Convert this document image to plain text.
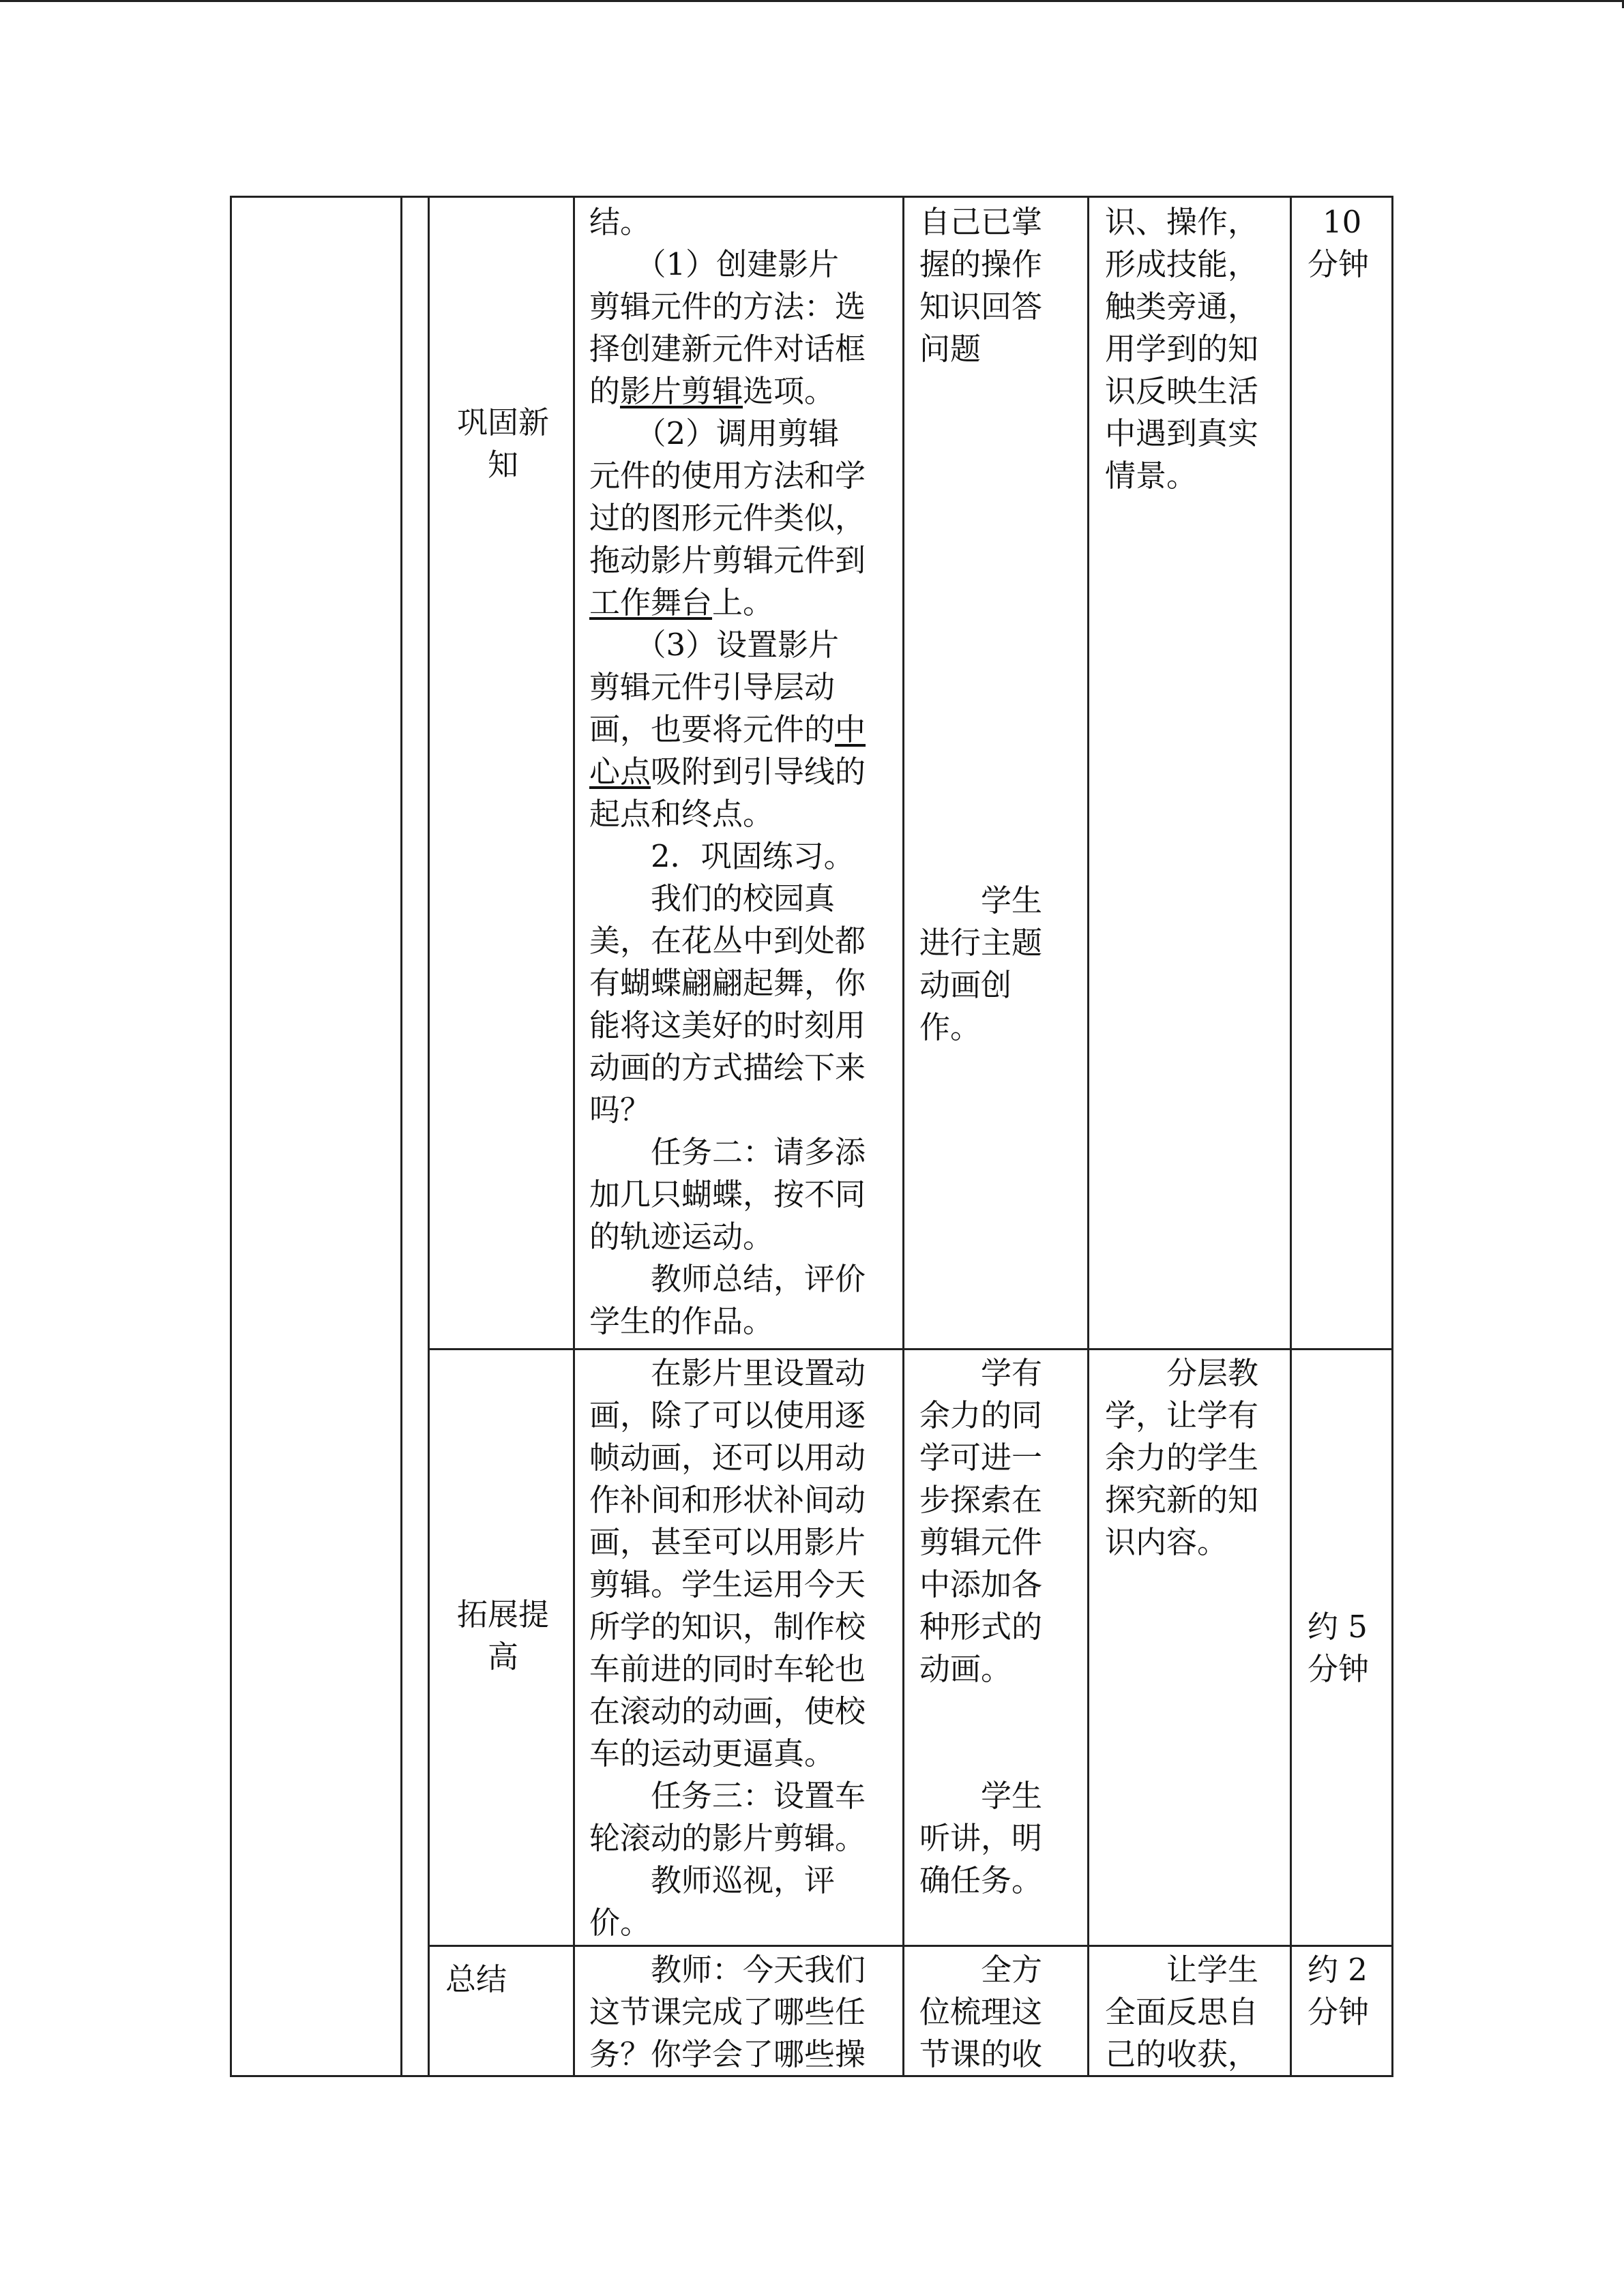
巩固新
知
结。
　　（1）创建影片
剪辑元件的方法：选
择创建新元件对话框
的影片剪辑选项。
　　（2）调用剪辑
元件的使用方法和学
过的图形元件类似，
拖动影片剪辑元件到
工作舞台上。
　　（3）设置影片
剪辑元件引导层动
画，也要将元件的中
心点吸附到引导线的
起点和终点。
　　2．巩固练习。
　　我们的校园真
美，在花丛中到处都
有蝴蝶翩翩起舞，你
能将这美好的时刻用
动画的方式描绘下来
吗？
　　任务二：请多添
加几只蝴蝶，按不同
的轨迹运动。
　　教师总结，评价
学生的作品。
自己已掌
握的操作
知识回答
问题
　　学生
进行主题
动画创
作。
识、操作，
形成技能，
触类旁通，
用学到的知
识反映生活
中遇到真实
情景。
10
分钟
拓展提
高
　　在影片里设置动
画，除了可以使用逐
帧动画，还可以用动
作补间和形状补间动
画，甚至可以用影片
剪辑。学生运用今天
所学的知识，制作校
车前进的同时车轮也
在滚动的动画，使校
车的运动更逼真。
　　任务三：设置车
轮滚动的影片剪辑。
　　教师巡视，评
价。
　　学有
余力的同
学可进一
步探索在
剪辑元件
中添加各
种形式的
动画。
　　学生
听讲，明
确任务。
　　分层教
学，让学有
余力的学生
探究新的知
识内容。
约 5
分钟
总结	　　教师：今天我们
这节课完成了哪些任
务？你学会了哪些操
　　全方
位梳理这
节课的收
　　让学生
全面反思自
己的收获，
约 2
分钟
